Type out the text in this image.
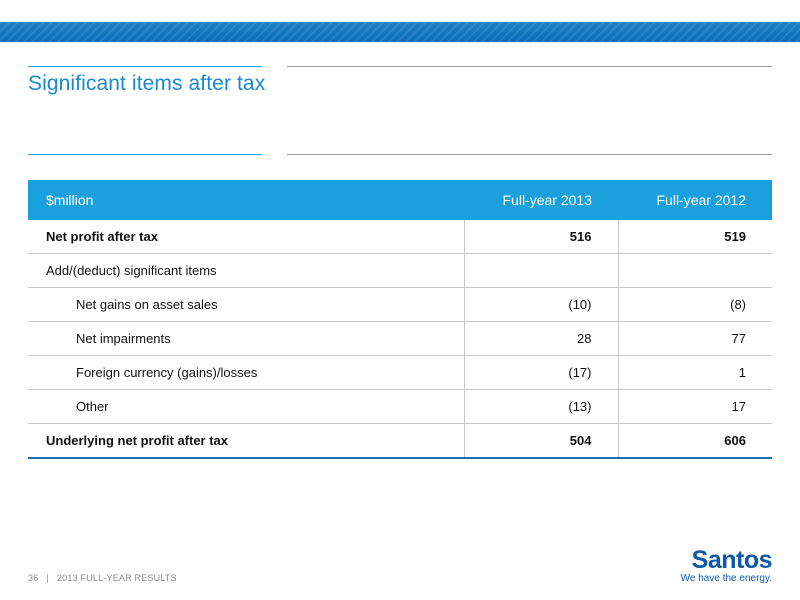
Significant items after tax
$million	Full-year 2013	Full-year 2012
Net profit after tax	516	519
Add/(deduct) significant items		
Net gains on asset sales	(10)	(8)
Net impairments	28	77
Foreign currency (gains)/losses	(17)	1
Other	(13)	17
Underlying net profit after tax	504	606
36 | 2013 FULL-YEAR RESULTS
Santos
We have the energy.
